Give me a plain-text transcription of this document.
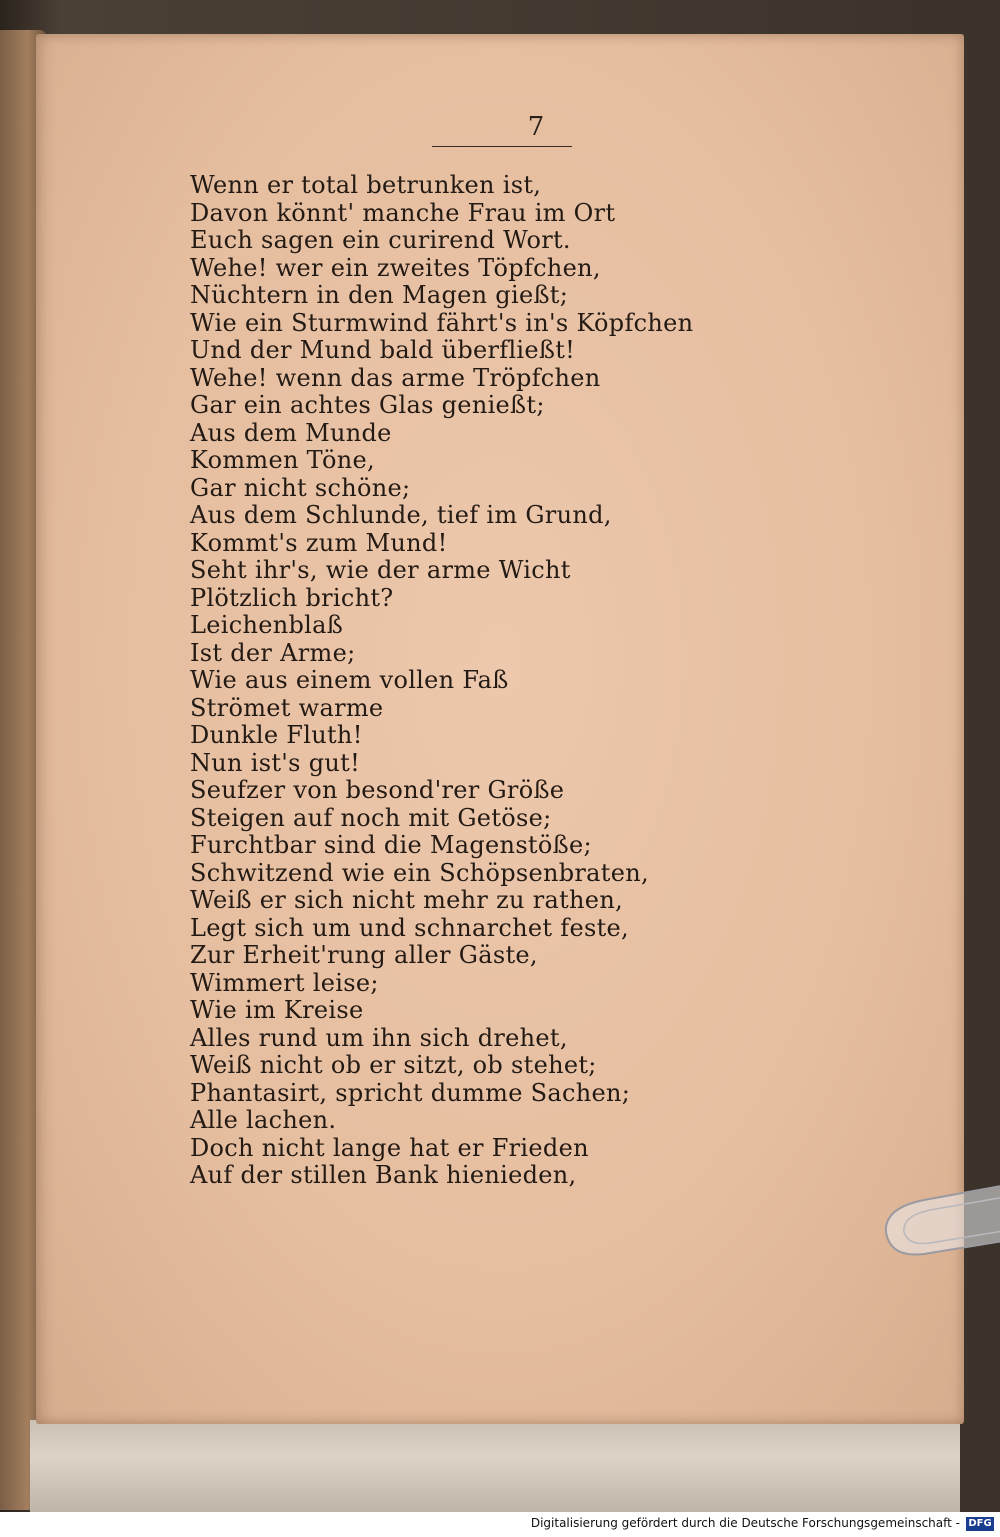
7
Wenn er total betrunken ist,
Davon könnt' manche Frau im Ort
Euch sagen ein curirend Wort.
Wehe! wer ein zweites Töpfchen,
Nüchtern in den Magen gießt;
Wie ein Sturmwind fährt's in's Köpfchen
Und der Mund bald überfließt!
Wehe! wenn das arme Tröpfchen
Gar ein achtes Glas genießt;
Aus dem Munde
Kommen Töne,
Gar nicht schöne;
Aus dem Schlunde, tief im Grund,
Kommt's zum Mund!
Seht ihr's, wie der arme Wicht
Plötzlich bricht?
Leichenblaß
Ist der Arme;
Wie aus einem vollen Faß
Strömet warme
Dunkle Fluth!
Nun ist's gut!
Seufzer von besond'rer Größe
Steigen auf noch mit Getöse;
Furchtbar sind die Magenstöße;
Schwitzend wie ein Schöpsenbraten,
Weiß er sich nicht mehr zu rathen,
Legt sich um und schnarchet feste,
Zur Erheit'rung aller Gäste,
Wimmert leise;
Wie im Kreise
Alles rund um ihn sich drehet,
Weiß nicht ob er sitzt, ob stehet;
Phantasirt, spricht dumme Sachen;
Alle lachen.
Doch nicht lange hat er Frieden
Auf der stillen Bank hienieden,
Digitalisierung gefördert durch die Deutsche Forschungsgemeinschaft - DFG
